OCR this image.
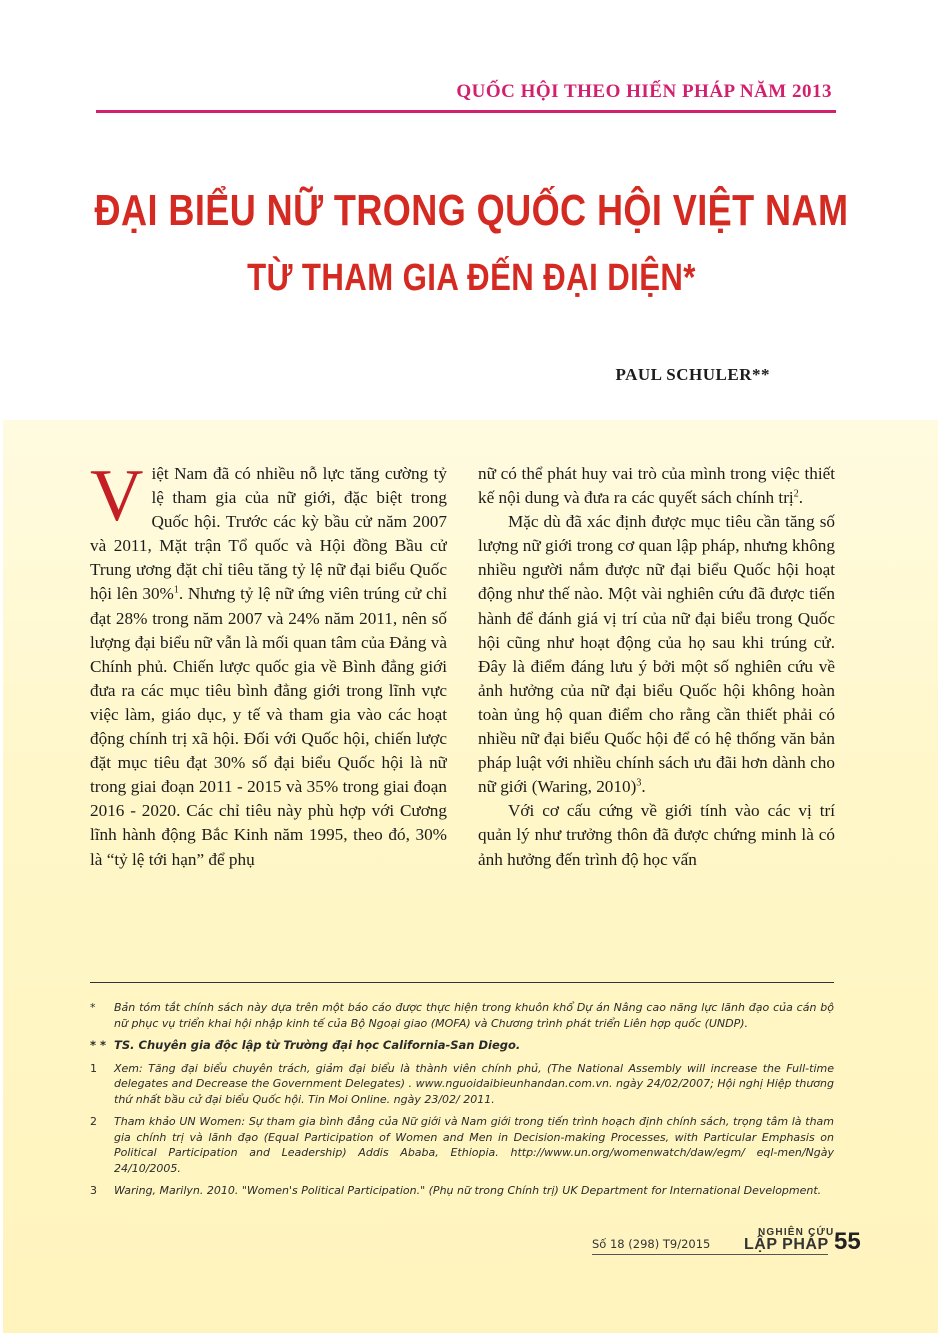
QUỐC HỘI THEO HIẾN PHÁP NĂM 2013
ĐẠI BIỂU NỮ TRONG QUỐC HỘI VIỆT NAM
TỪ THAM GIA ĐẾN ĐẠI DIỆN*
PAUL SCHULER**

Việt Nam đã có nhiều nỗ lực tăng cường tỷ lệ tham gia của nữ giới, đặc biệt trong Quốc hội. Trước các kỳ bầu cử năm 2007 và 2011, Mặt trận Tổ quốc và Hội đồng Bầu cử Trung ương đặt chỉ tiêu tăng tỷ lệ nữ đại biểu Quốc hội lên 30%$^1$. Nhưng tỷ lệ nữ ứng viên trúng cử chỉ đạt 28% trong năm 2007 và 24% năm 2011, nên số lượng đại biểu nữ vẫn là mối quan tâm của Đảng và Chính phủ. Chiến lược quốc gia về Bình đẳng giới đưa ra các mục tiêu bình đẳng giới trong lĩnh vực việc làm, giáo dục, y tế và tham gia vào các hoạt động chính trị xã hội. Đối với Quốc hội, chiến lược đặt mục tiêu đạt 30% số đại biểu Quốc hội là nữ trong giai đoạn 2011 - 2015 và 35% trong giai đoạn 2016 - 2020. Các chỉ tiêu này phù hợp với Cương lĩnh hành động Bắc Kinh năm 1995, theo đó, 30% là “tỷ lệ tới hạn” để phụ

nữ có thể phát huy vai trò của mình trong việc thiết kế nội dung và đưa ra các quyết sách chính trị$^2$.

Mặc dù đã xác định được mục tiêu cần tăng số lượng nữ giới trong cơ quan lập pháp, nhưng không nhiều người nắm được nữ đại biểu Quốc hội hoạt động như thế nào. Một vài nghiên cứu đã được tiến hành để đánh giá vị trí của nữ đại biểu trong Quốc hội cũng như hoạt động của họ sau khi trúng cử. Đây là điểm đáng lưu ý bởi một số nghiên cứu về ảnh hưởng của nữ đại biểu Quốc hội không hoàn toàn ủng hộ quan điểm cho rằng cần thiết phải có nhiều nữ đại biểu Quốc hội để có hệ thống văn bản pháp luật với nhiều chính sách ưu đãi hơn dành cho nữ giới (Waring, 2010)$^3$.

Với cơ cấu cứng về giới tính vào các vị trí quản lý như trưởng thôn đã được chứng minh là có ảnh hưởng đến trình độ học vấn

* Bản tóm tắt chính sách này dựa trên một báo cáo được thực hiện trong khuôn khổ Dự án Nâng cao năng lực lãnh đạo của cán bộ nữ phục vụ triển khai hội nhập kinh tế của Bộ Ngoại giao (MOFA) và Chương trình phát triển Liên hợp quốc (UNDP).
* * TS. Chuyên gia độc lập từ Trường đại học California-San Diego.
1 Xem: Tăng đại biểu chuyên trách, giảm đại biểu là thành viên chính phủ, (The National Assembly will increase the Full-time delegates and Decrease the Government Delegates) . www.nguoidaibieunhandan.com.vn. ngày 24/02/2007; Hội nghị Hiệp thương thứ nhất bầu cử đại biểu Quốc hội. Tin Moi Online. ngày 23/02/ 2011.
2 Tham khảo UN Women: Sự tham gia bình đẳng của Nữ giới và Nam giới trong tiến trình hoạch định chính sách, trọng tâm là tham gia chính trị và lãnh đạo (Equal Participation of Women and Men in Decision-making Processes, with Particular Emphasis on Political Participation and Leadership) Addis Ababa, Ethiopia. http://www.un.org/womenwatch/daw/egm/ eql-men/Ngày 24/10/2005.
3 Waring, Marilyn. 2010. "Women's Political Participation." (Phụ nữ trong Chính trị) UK Department for International Development.
Số 18 (298) T9/2015
NGHIÊN CỨU
LẬP PHÁP 55
